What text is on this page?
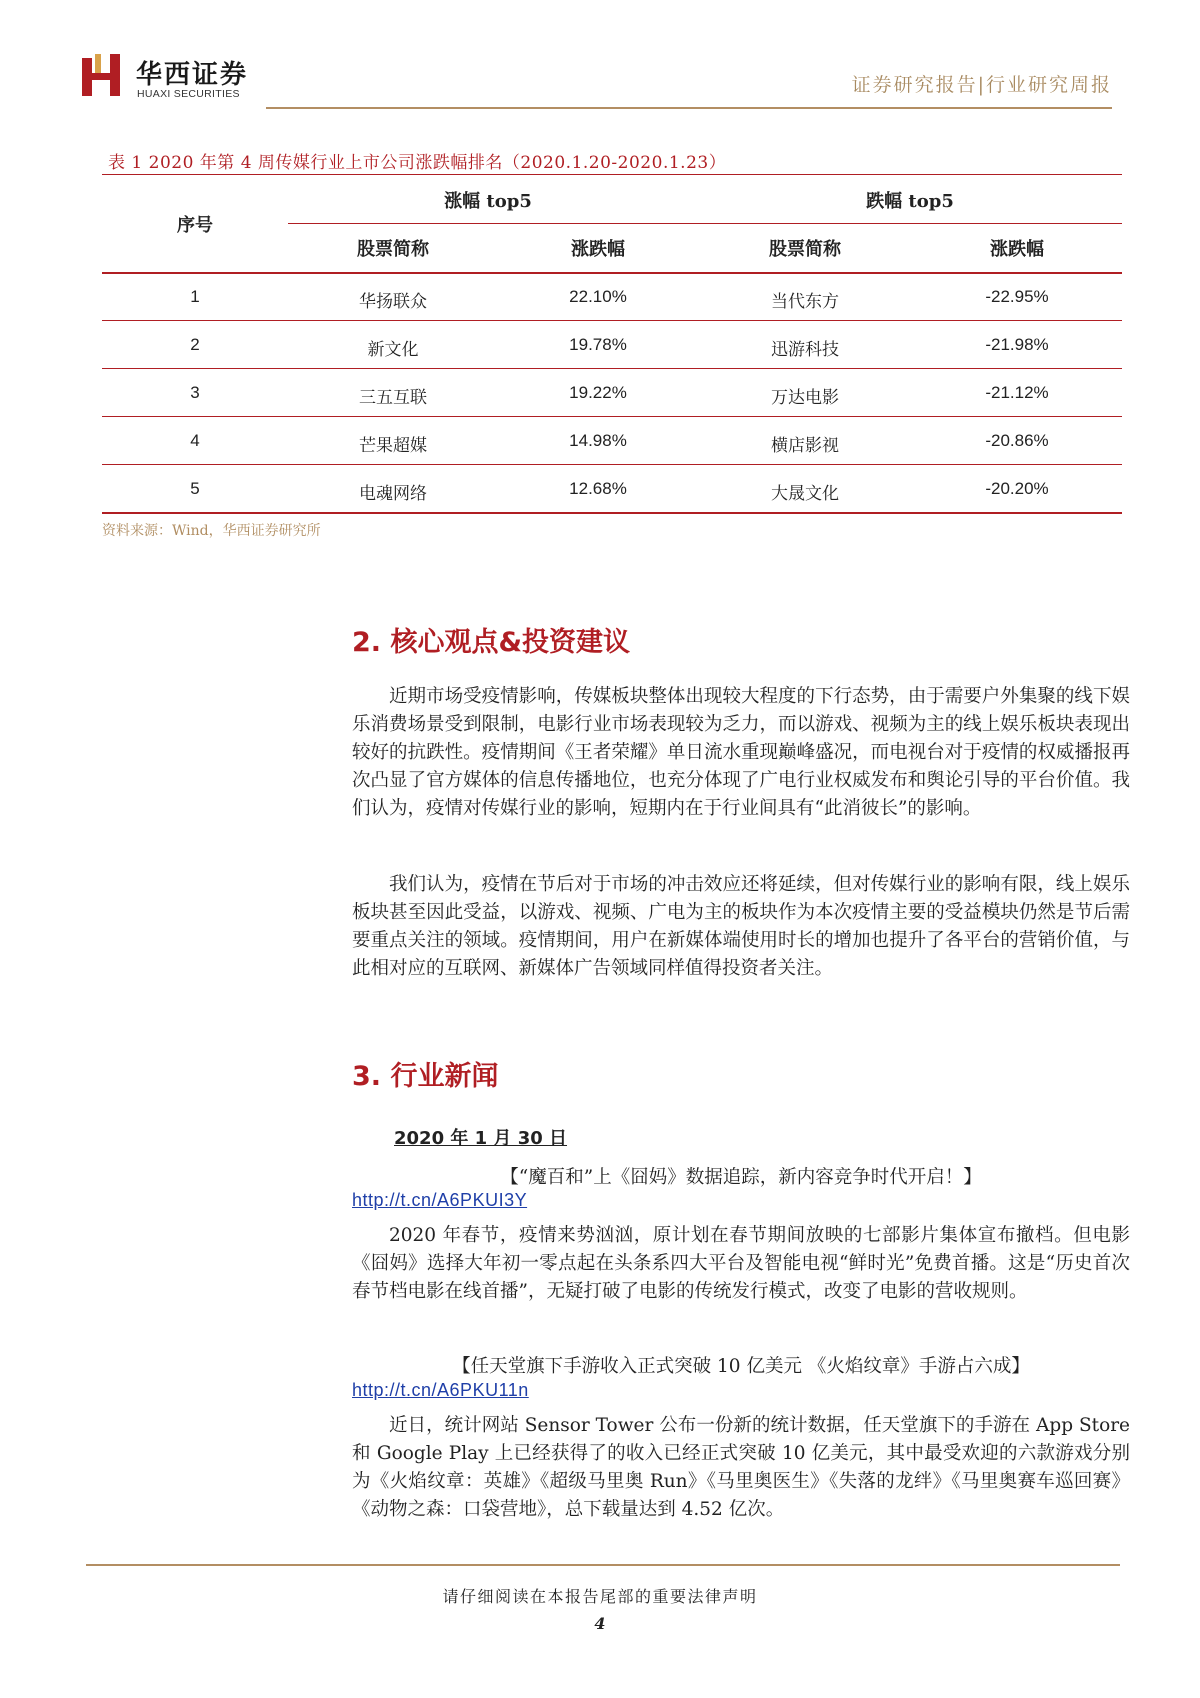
华西证券
HUAXI SECURITIES	证券研究报告|行业研究周报
表 1 2020 年第 4 周传媒行业上市公司涨跌幅排名（2020.1.20-2020.1.23）
序号
涨幅 top5	跌幅 top5
股票简称	涨跌幅	股票简称	涨跌幅
1	华扬联众	22.10%	当代东方	-22.95%
2	新文化	19.78%	迅游科技	-21.98%
3	三五互联	19.22%	万达电影	-21.12%
4	芒果超媒	14.98%	横店影视	-20.86%
5	电魂网络	12.68%	大晟文化	-20.20%
资料来源：Wind，华西证券研究所
2. 核心观点&投资建议

近期市场受疫情影响，传媒板块整体出现较大程度的下行态势，由于需要户外集聚的线下娱乐消费场景受到限制，电影行业市场表现较为乏力，而以游戏、视频为主的线上娱乐板块表现出较好的抗跌性。疫情期间《王者荣耀》单日流水重现巅峰盛况，而电视台对于疫情的权威播报再次凸显了官方媒体的信息传播地位，也充分体现了广电行业权威发布和舆论引导的平台价值。我们认为，疫情对传媒行业的影响，短期内在于行业间具有“此消彼长”的影响。

我们认为，疫情在节后对于市场的冲击效应还将延续，但对传媒行业的影响有限，线上娱乐板块甚至因此受益，以游戏、视频、广电为主的板块作为本次疫情主要的受益模块仍然是节后需要重点关注的领域。疫情期间，用户在新媒体端使用时长的增加也提升了各平台的营销价值，与此相对应的互联网、新媒体广告领域同样值得投资者关注。

3. 行业新闻
2020 年 1 月 30 日
【“魔百和”上《囧妈》数据追踪，新内容竞争时代开启！】
http://t.cn/A6PKUI3Y

2020 年春节，疫情来势汹汹，原计划在春节期间放映的七部影片集体宣布撤档。但电影《囧妈》选择大年初一零点起在头条系四大平台及智能电视“鲜时光”免费首播。这是“历史首次春节档电影在线首播”，无疑打破了电影的传统发行模式，改变了电影的营收规则。

【任天堂旗下手游收入正式突破 10 亿美元 《火焰纹章》手游占六成】
http://t.cn/A6PKU11n

近日，统计网站 Sensor Tower 公布一份新的统计数据，任天堂旗下的手游在 App Store 和 Google Play 上已经获得了的收入已经正式突破 10 亿美元，其中最受欢迎的六款游戏分别为《火焰纹章：英雄》《超级马里奥 Run》《马里奥医生》《失落的龙绊》《马里奥赛车巡回赛》《动物之森：口袋营地》，总下载量达到 4.52 亿次。

请仔细阅读在本报告尾部的重要法律声明
4
